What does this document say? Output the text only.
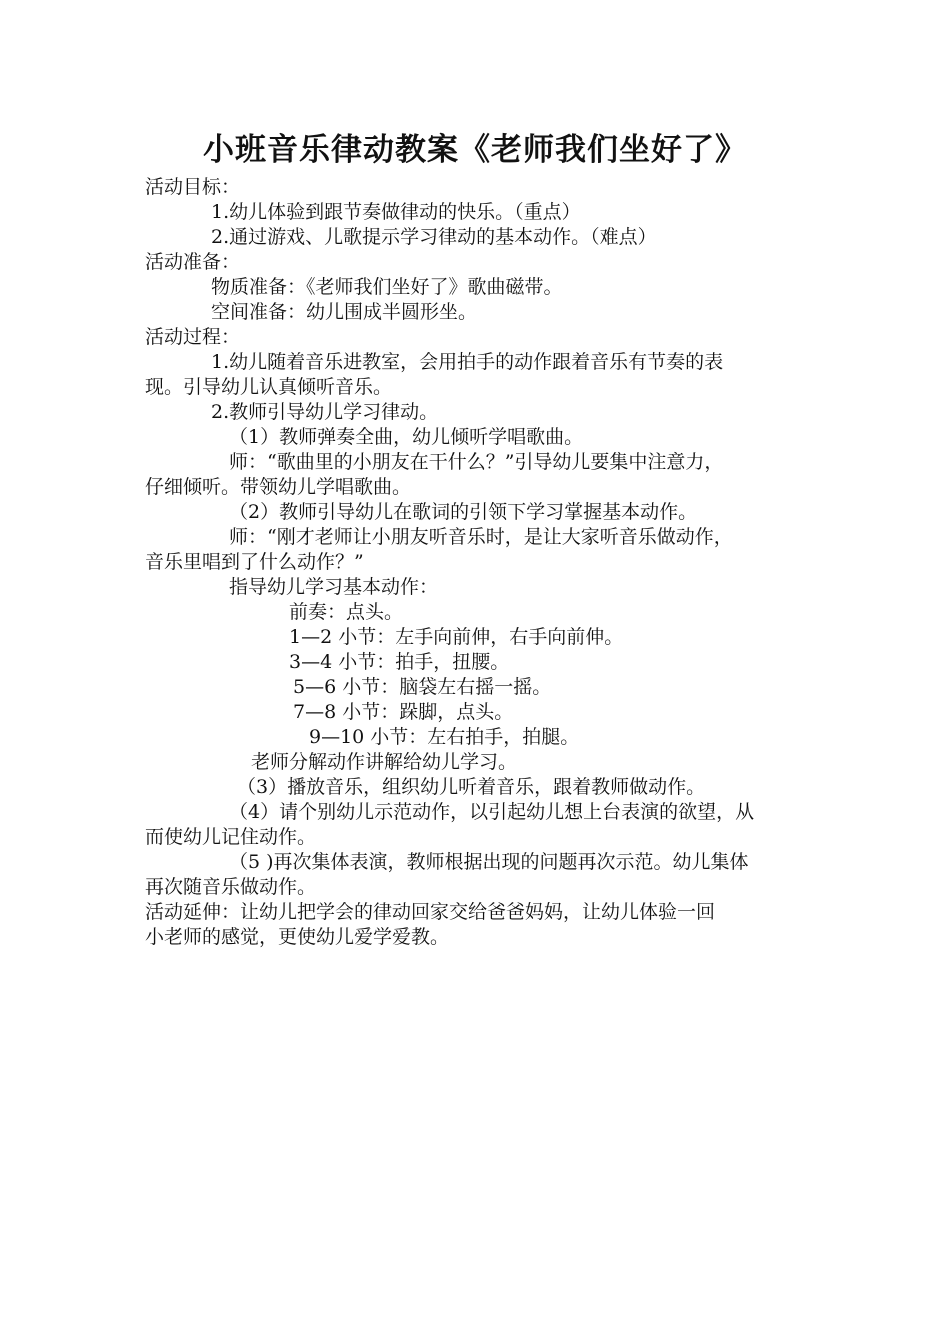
小班音乐律动教案《老师我们坐好了》
活动目标：
1.幼儿体验到跟节奏做律动的快乐。（重点）
2.通过游戏、儿歌提示学习律动的基本动作。（难点）
活动准备：
物质准备：《老师我们坐好了》歌曲磁带。
空间准备：幼儿围成半圆形坐。
活动过程：
1.幼儿随着音乐进教室，会用拍手的动作跟着音乐有节奏的表
现。引导幼儿认真倾听音乐。
2.教师引导幼儿学习律动。
（1）教师弹奏全曲，幼儿倾听学唱歌曲。
师：“歌曲里的小朋友在干什么？”引导幼儿要集中注意力，
仔细倾听。带领幼儿学唱歌曲。
（2）教师引导幼儿在歌词的引领下学习掌握基本动作。
师：“刚才老师让小朋友听音乐时，是让大家听音乐做动作，
音乐里唱到了什么动作？”
指导幼儿学习基本动作：
前奏：点头。
1—2 小节：左手向前伸，右手向前伸。
3—4 小节：拍手，扭腰。
5—6 小节：脑袋左右摇一摇。
7—8 小节：跺脚，点头。
9—10 小节：左右拍手，拍腿。
老师分解动作讲解给幼儿学习。
（3）播放音乐，组织幼儿听着音乐，跟着教师做动作。
（4）请个别幼儿示范动作，以引起幼儿想上台表演的欲望，从
而使幼儿记住动作。
（5 )再次集体表演，教师根据出现的问题再次示范。幼儿集体
再次随音乐做动作。
活动延伸：让幼儿把学会的律动回家交给爸爸妈妈，让幼儿体验一回
小老师的感觉，更使幼儿爱学爱教。
